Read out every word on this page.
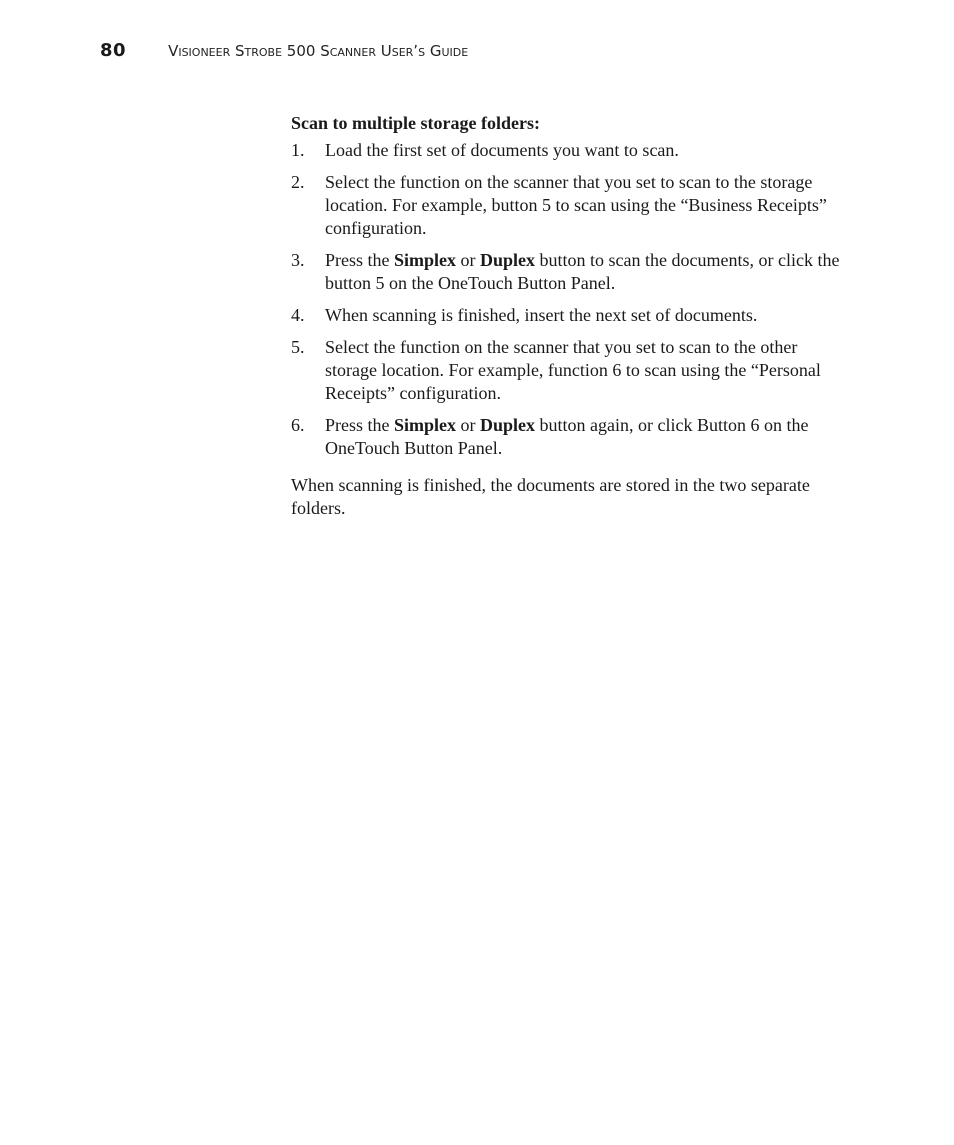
80	Visioneer Strobe 500 Scanner User’s Guide
Scan to multiple storage folders:
1.	Load the first set of documents you want to scan.
2.	Select the function on the scanner that you set to scan to the storage location. For example, button 5 to scan using the “Business Receipts” configuration.
3.	Press the Simplex or Duplex button to scan the documents, or click the button 5 on the OneTouch Button Panel.
4.	When scanning is finished, insert the next set of documents.
5.	Select the function on the scanner that you set to scan to the other storage location. For example, function 6 to scan using the “Personal Receipts” configuration.
6.	Press the Simplex or Duplex button again, or click Button 6 on the OneTouch Button Panel.

When scanning is finished, the documents are stored in the two separate folders.
